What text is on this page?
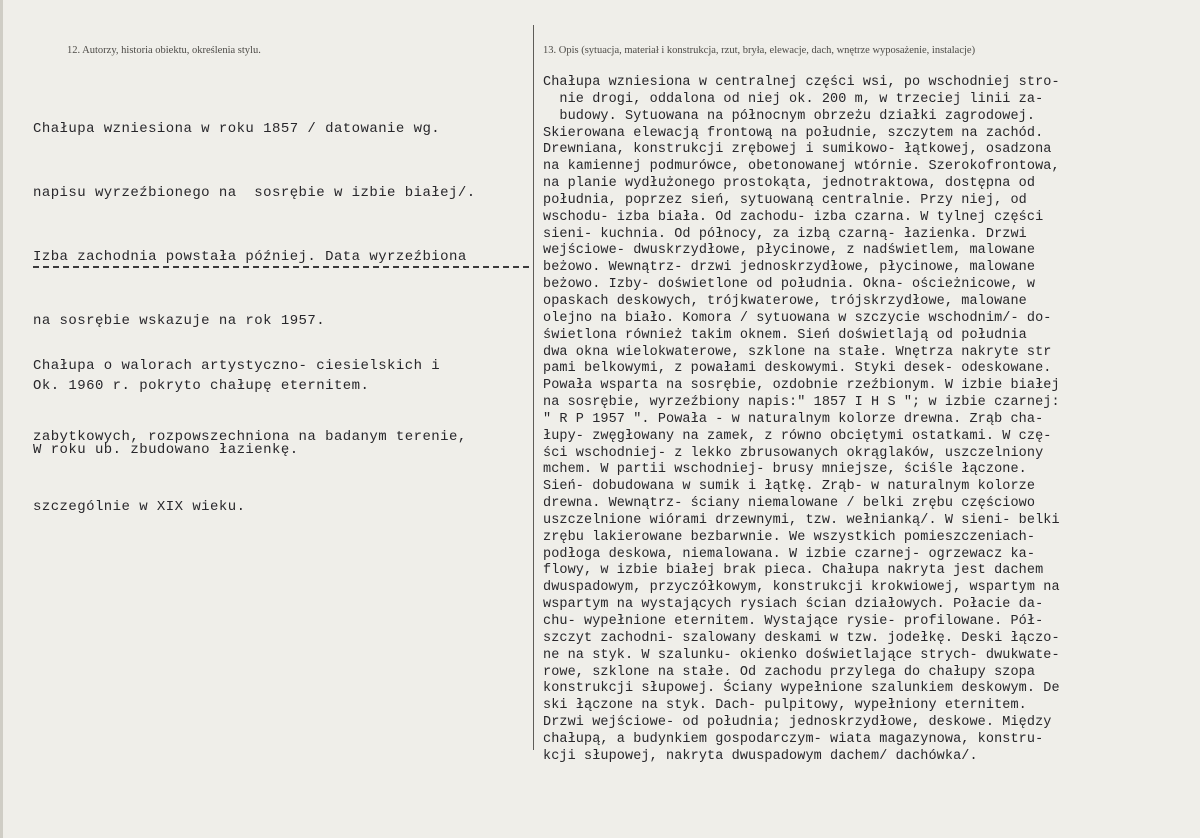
12. Autorzy, historia obiektu, określenia stylu.	13. Opis (sytuacja, materiał i konstrukcja, rzut, bryła, elewacje, dach, wnętrze wyposażenie, instalacje)

Chałupa wzniesiona w roku 1857 / datowanie wg.

napisu wyrzeźbionego na  sosrębie w izbie białej/.

Izba zachodnia powstała później. Data wyrzeźbiona

na sosrębie wskazuje na rok 1957.

Ok. 1960 r. pokryto chałupę eternitem.

W roku ub. zbudowano łazienkę.

Chałupa o walorach artystyczno- ciesielskich i

zabytkowych, rozpowszechniona na badanym terenie,

szczególnie w XIX wieku.

Chałupa wzniesiona w centralnej części wsi, po wschodniej stro-
nie drogi, oddalona od niej ok. 200 m, w trzeciej linii za-
budowy. Sytuowana na północnym obrzeżu działki zagrodowej.
Skierowana elewacją frontową na południe, szczytem na zachód.
Drewniana, konstrukcji zrębowej i sumikowo- łątkowej, osadzona
na kamiennej podmurówce, obetonowanej wtórnie. Szerokofrontowa,
na planie wydłużonego prostokąta, jednotraktowa, dostępna od
południa, poprzez sień, sytuowaną centralnie. Przy niej, od
wschodu- izba biała. Od zachodu- izba czarna. W tylnej części
sieni- kuchnia. Od północy, za izbą czarną- łazienka. Drzwi
wejściowe- dwuskrzydłowe, płycinowe, z nadświetlem, malowane
beżowo. Wewnątrz- drzwi jednoskrzydłowe, płycinowe, malowane
beżowo. Izby- doświetlone od południa. Okna- ościeżnicowe, w
opaskach deskowych, trójkwaterowe, trójskrzydłowe, malowane
olejno na biało. Komora / sytuowana w szczycie wschodnim/- do-
świetlona również takim oknem. Sień doświetlają od południa
dwa okna wielokwaterowe, szklone na stałe. Wnętrza nakryte str
pami belkowymi, z powałami deskowymi. Styki desek- odeskowane.
Powała wsparta na sosrębie, ozdobnie rzeźbionym. W izbie białej
na sosrębie, wyrzeźbiony napis:" 1857 I H S "; w izbie czarnej:
" R P 1957 ". Powała - w naturalnym kolorze drewna. Zrąb cha-
łupy- zwęgłowany na zamek, z równo obciętymi ostatkami. W czę-
ści wschodniej- z lekko zbrusowanych okrąglaków, uszczelniony
mchem. W partii wschodniej- brusy mniejsze, ściśle łączone.
Sień- dobudowana w sumik i łątkę. Zrąb- w naturalnym kolorze
drewna. Wewnątrz- ściany niemalowane / belki zrębu częściowo
uszczelnione wiórami drzewnymi, tzw. wełnianką/. W sieni- belki
zrębu lakierowane bezbarwnie. We wszystkich pomieszczeniach-
podłoga deskowa, niemalowana. W izbie czarnej- ogrzewacz ka-
flowy, w izbie białej brak pieca. Chałupa nakryta jest dachem
dwuspadowym, przyczółkowym, konstrukcji krokwiowej, wspartym na
wspartym na wystających rysiach ścian działowych. Połacie da-
chu- wypełnione eternitem. Wystające rysie- profilowane. Pół-
szczyt zachodni- szalowany deskami w tzw. jodełkę. Deski łączo-
ne na styk. W szalunku- okienko doświetlające strych- dwukwate-
rowe, szklone na stałe. Od zachodu przylega do chałupy szopa
konstrukcji słupowej. Ściany wypełnione szalunkiem deskowym. De
ski łączone na styk. Dach- pulpitowy, wypełniony eternitem.
Drzwi wejściowe- od południa; jednoskrzydłowe, deskowe. Między
chałupą, a budynkiem gospodarczym- wiata magazynowa, konstru-
kcji słupowej, nakryta dwuspadowym dachem/ dachówka/.
